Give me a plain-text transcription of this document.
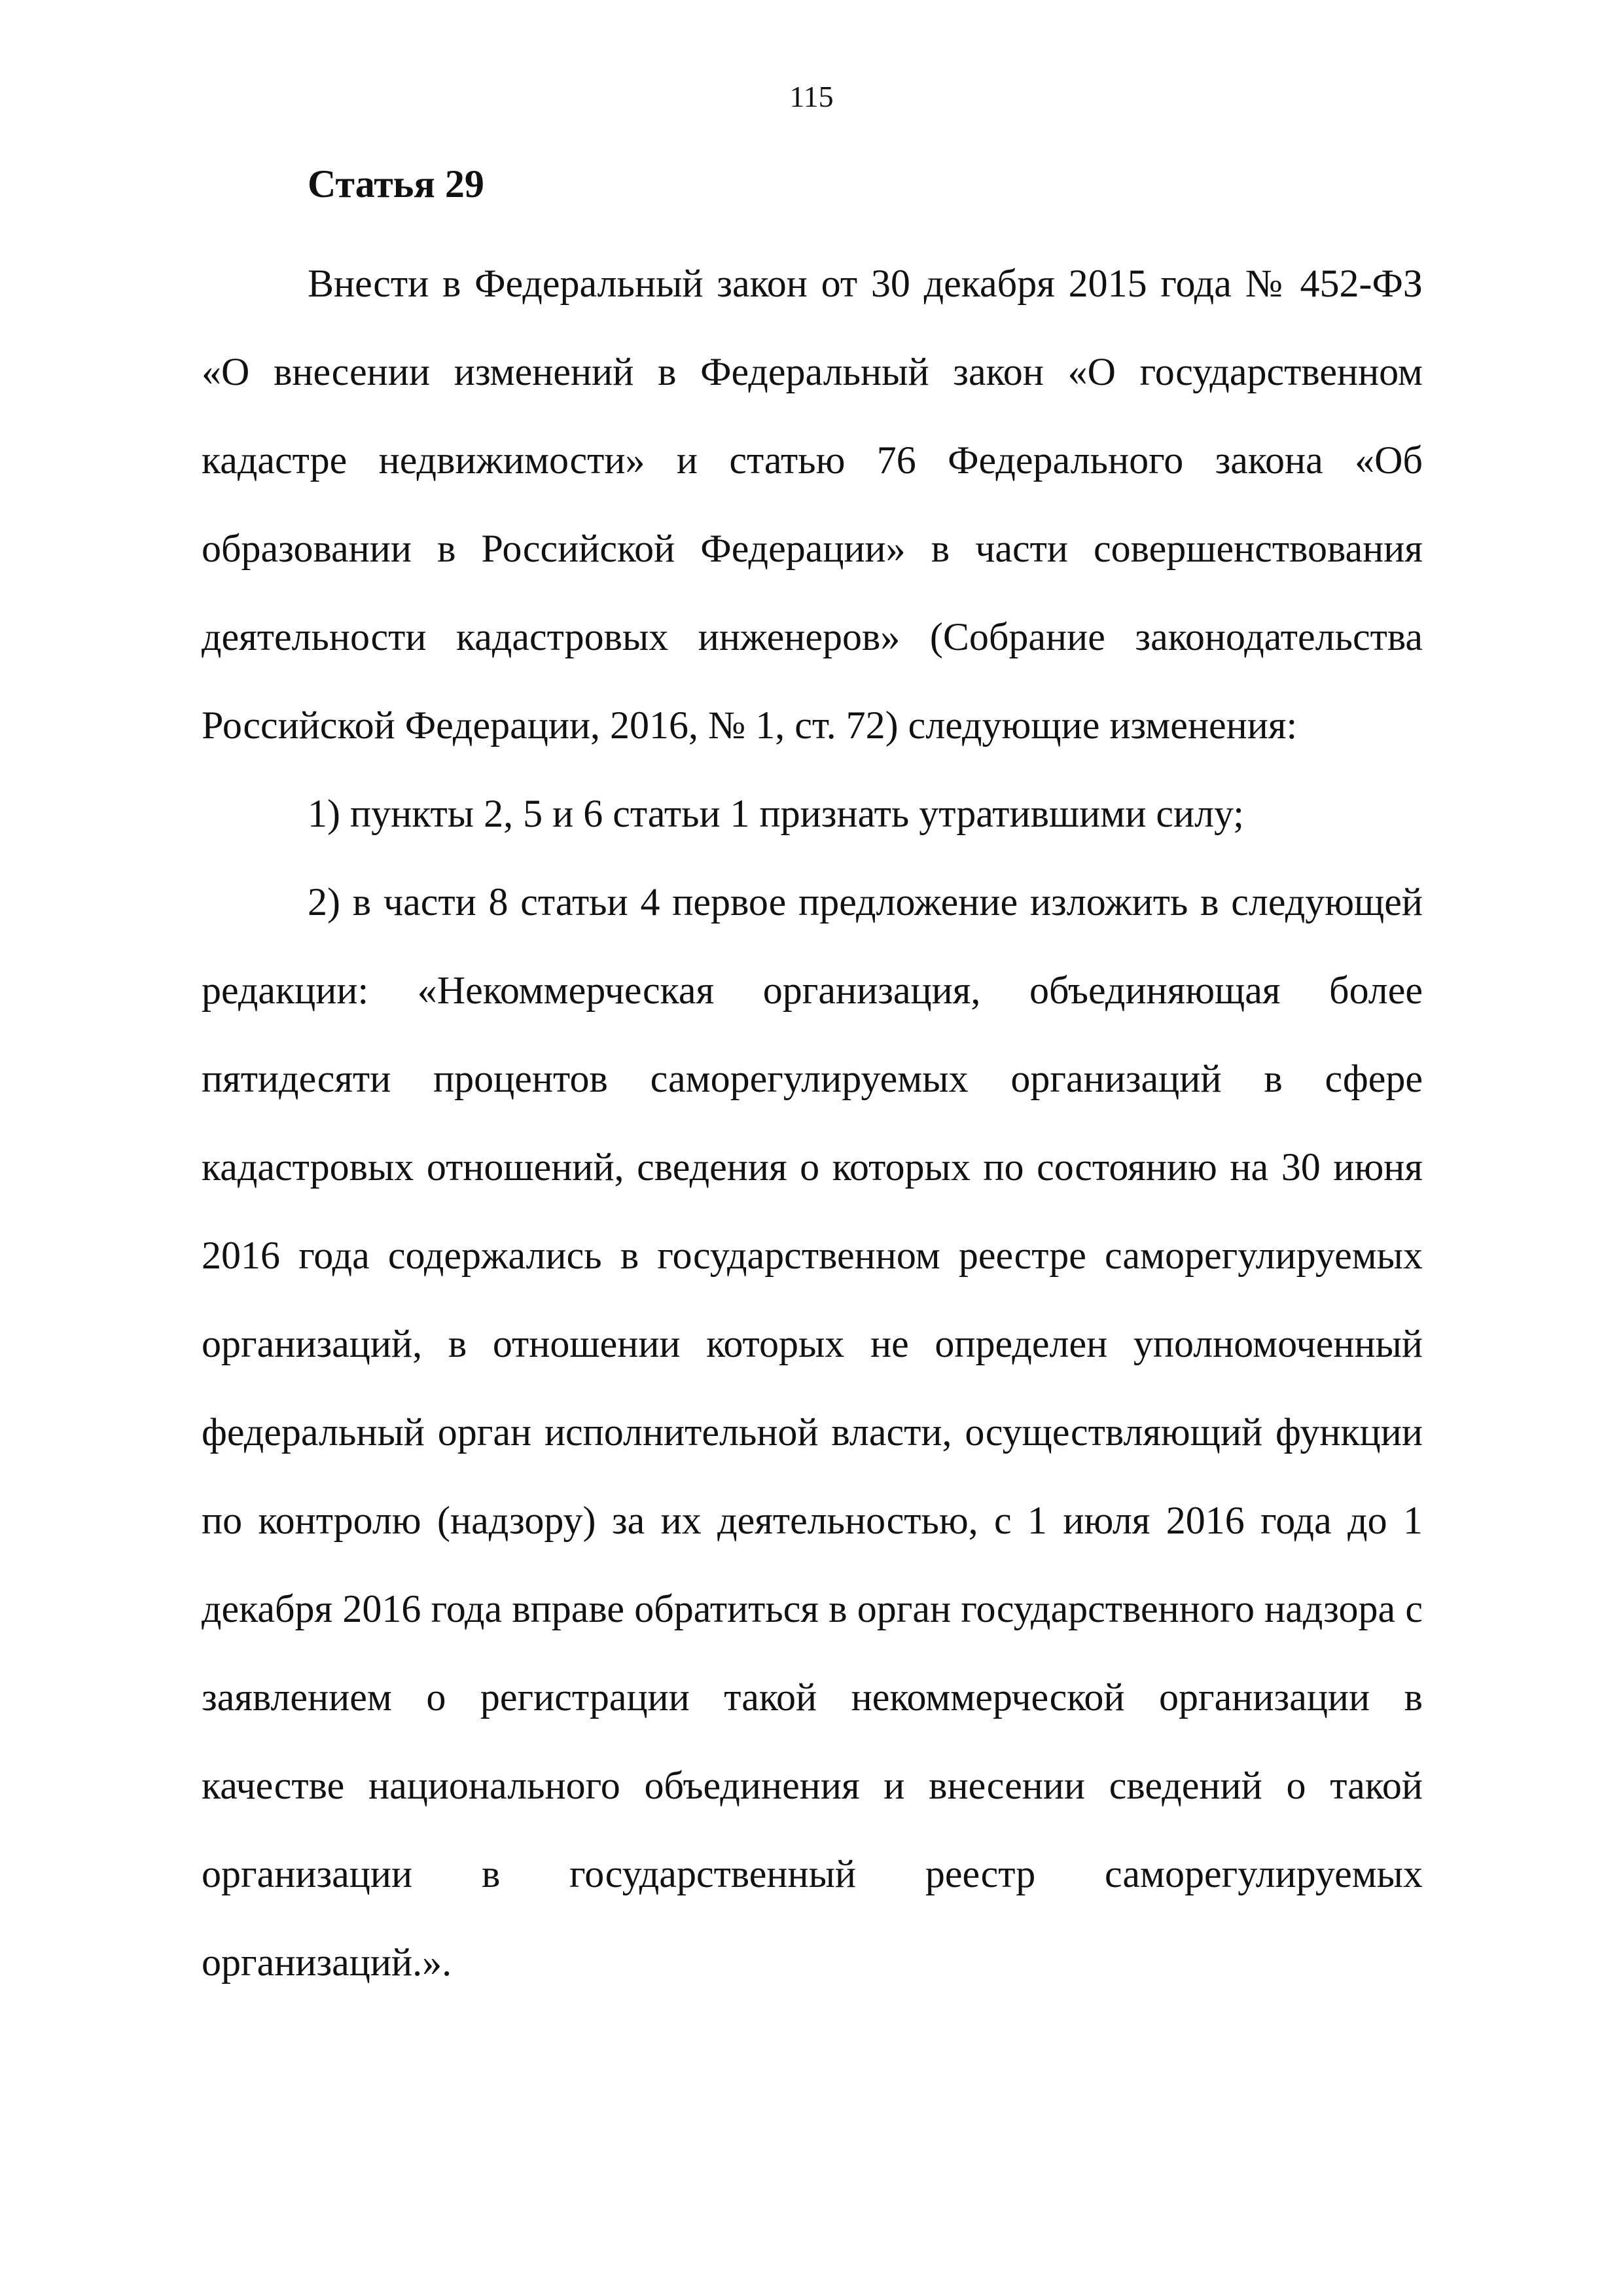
115
Статья 29

Внести в Федеральный закон от 30 декабря 2015 года № 452-ФЗ «О внесении изменений в Федеральный закон «О государственном кадастре недвижимости» и статью 76 Федерального закона «Об образовании в Российской Федерации» в части совершенствования деятельности кадастровых инженеров» (Собрание законодательства Российской Федерации, 2016, № 1, ст. 72) следующие изменения:

1) пункты 2, 5 и 6 статьи 1 признать утратившими силу;

2) в части 8 статьи 4 первое предложение изложить в следующей редакции: «Некоммерческая организация, объединяющая более пятидесяти процентов саморегулируемых организаций в сфере кадастровых отношений, сведения о которых по состоянию на 30 июня 2016 года содержались в государственном реестре саморегулируемых организаций, в отношении которых не определен уполномоченный федеральный орган исполнительной власти, осуществляющий функции по контролю (надзору) за их деятельностью, с 1 июля 2016 года до 1 декабря 2016 года вправе обратиться в орган государственного надзора с заявлением о регистрации такой некоммерческой организации в качестве национального объединения и внесении сведений о такой организации в государственный реестр саморегулируемых организаций.».
